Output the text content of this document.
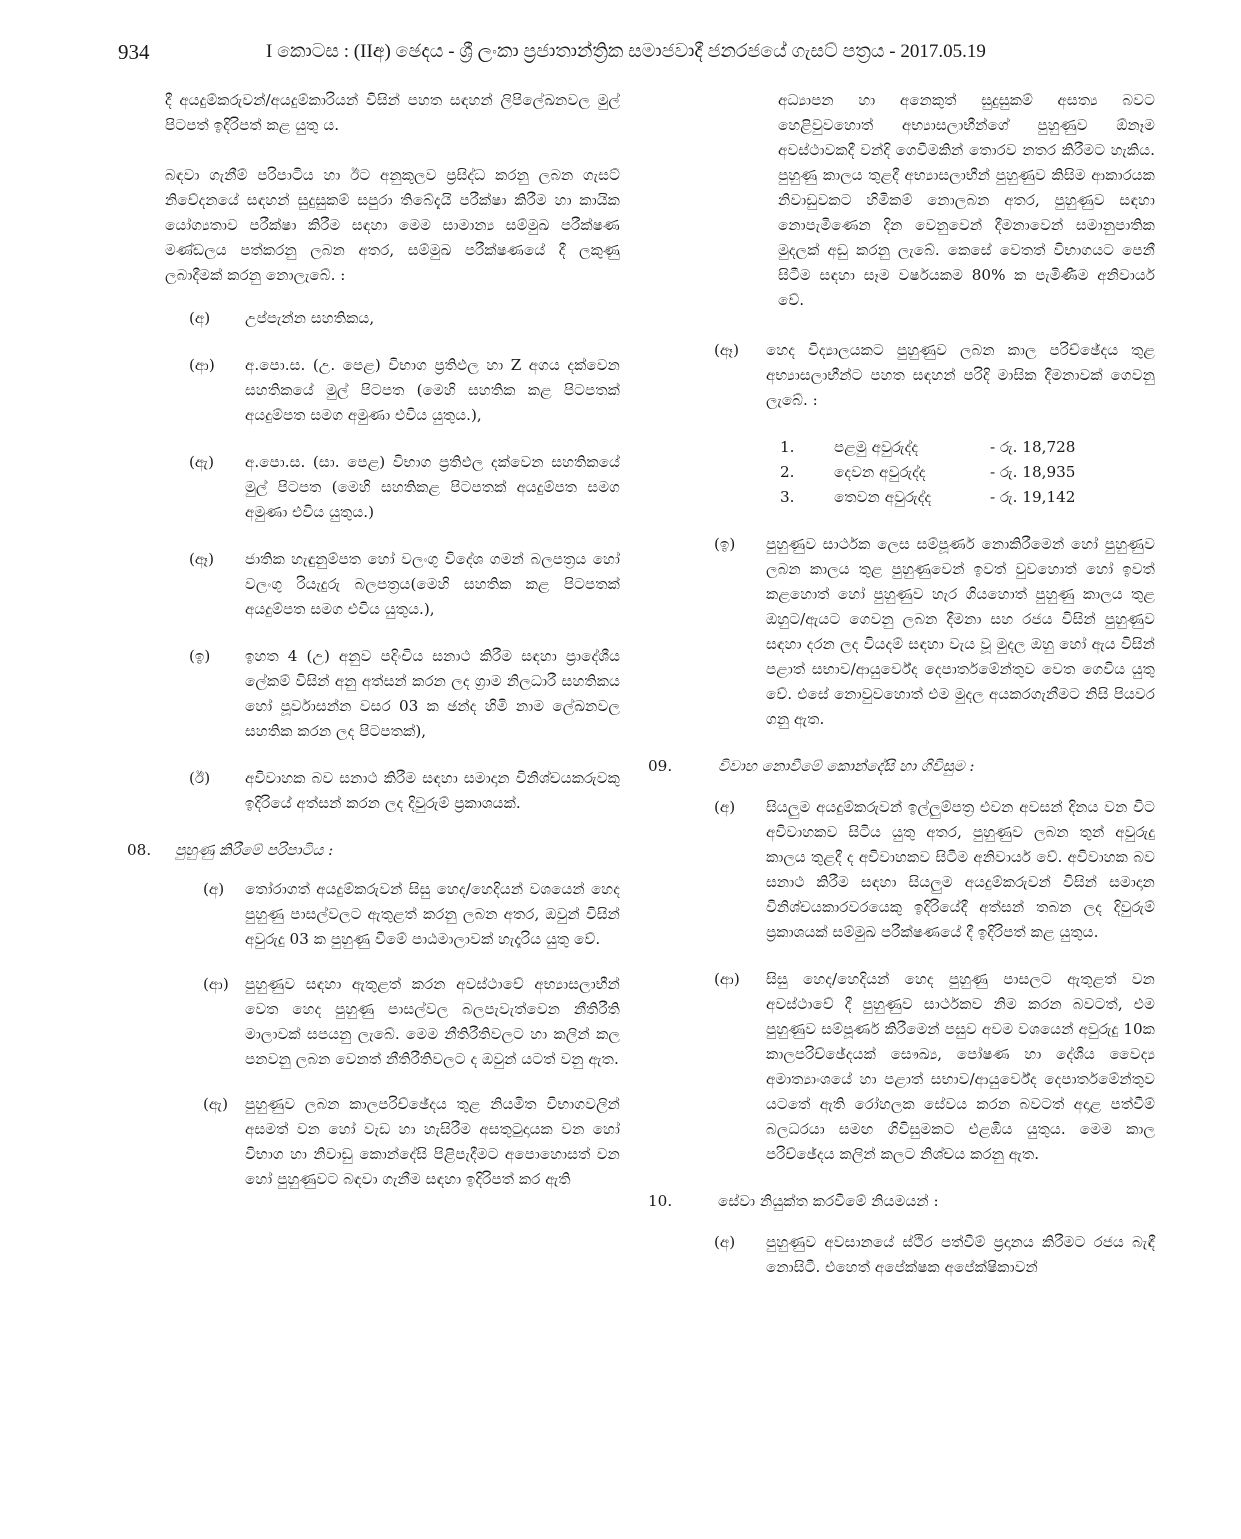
934	I කොටස : (IIඅ) ඡෙදය - ශ්‍රී ලංකා ප්‍රජාතාන්ත්‍රික සමාජවාදී ජනරජයේ ගැසට් පත්‍රය - 2017.05.19

දී අයදුම්කරුවන්/අයදුම්කාරියන් විසින් පහත සඳහන් ලිපිලේඛනවල මුල් පිටපත් ඉදිරිපත් කළ යුතු ය.

බඳවා ගැනීම් පරිපාටිය හා ඊට අනුකූලව ප්‍රසිද්ධ කරනු ලබන ගැසට් නිවේදනයේ සඳහන් සුදුසුකම් සපුරා තිබේදැයි පරීක්ෂා කිරීම හා කායික යෝග්‍යතාව පරීක්ෂා කිරීම සඳහා මෙම සාමාන්‍ය සම්මුඛ පරීක්ෂණ මණ්ඩලය පත්කරනු ලබන අතර, සම්මුඛ පරීක්ෂණයේ දී ලකුණු ලබාදීමක් කරනු නොලැබේ. :

(අ)	උප්පැන්න සහතිකය,

(ආ)	අ.පො.ස. (උ. පෙළ) විභාග ප්‍රතිඵල හා Z අගය දක්වෙන සහතිකයේ මුල් පිටපත (මෙහි සහතික කළ පිටපතක් අයදුම්පත සමග අමුණා එවිය යුතුය.),

(ඇ)	අ.පො.ස. (සා. පෙළ) විභාග ප්‍රතිඵල දක්වෙන සහතිකයේ මුල් පිටපත (මෙහි සහතිකළ පිටපතක් අයදුම්පත සමග අමුණා එවිය යුතුය.)

(ඈ)	ජාතික හැඳුනුම්පත හෝ වලංගු විදේශ ගමන් බලපත්‍රය හෝ වලංගු රියැදුරු බලපත්‍රය(මෙහි සහතික කළ පිටපතක් අයදුම්පත සමග එවිය යුතුය.),

(ඉ)	ඉහත 4 (උ) අනුව පදිංචිය සනාථ කිරීම සඳහා ප්‍රාදේශීය ලේකම් විසින් අනු අත්සන් කරන ලද ග්‍රාම නිලධාරී සහතිකය හෝ පූර්වාසන්න වසර 03 ක ඡන්ද හිමි නාම ලේඛනවල සහතික කරන ලද පිටපතක්),

(ඊ)	අවිවාහක බව සනාථ කිරීම සඳහා සමාදාන විනිශ්චයකරුවකු ඉදිරියේ අත්සන් කරන ලද දිවුරුම් ප්‍රකාශයක්.

08. පුහුණු කිරීමේ පරිපාටිය :
(අ) තෝරාගත් අයදුම්කරුවන් සිසු හෙද/හෙදියන් වශයෙන් හෙද පුහුණු පාසල්වලට ඇතුළත් කරනු ලබන අතර, ඔවුන් විසින් අවුරුදු 03 ක පුහුණු වීමේ පාඨමාලාවක් හැදෑරිය යුතු වේ.

(ආ) පුහුණුව සඳහා ඇතුළත් කරන අවස්ථාවේ අභ්‍යාසලාභීන් වෙත හෙද පුහුණු පාසල්වල බලපැවැත්වෙන නීතිරීති මාලාවක් සපයනු ලැබේ. මෙම නීතිරීතිවලට හා කලින් කල පනවනු ලබන වෙනත් නීතිරීතිවලට ද ඔවුන් යටත් වනු ඇත.

(ඇ) පුහුණුව ලබන කාලපරිච්ඡේදය තුළ නියමිත විභාගවලින් අසමත් වන හෝ වැඩ හා හැසිරීම අසතුටුදායක වන හෝ විභාග හා නිවාඩු කොන්දේසි පිළිපැදීමට අපොහොසත් වන හෝ පුහුණුවට බඳවා ගැනීම සඳහා ඉදිරිපත් කර ඇති

අධ්‍යාපන හා අනෙකුත් සුදුසුකම් අසත්‍ය බවට හෙළිවුවහොත් අභ්‍යාසලාභීන්ගේ පුහුණුව ඕනෑම අවස්ථාවකදී වන්දි ගෙවීමකින් තොරව නතර කිරීමට හැකිය. පුහුණු කාලය තුළදී අභ්‍යාසලාභීන් පුහුණුව කිසිම ආකාරයක නිවාඩුවකට හිමිකම් නොලබන අතර, පුහුණුව සඳහා නොපැමිණෙන දින වෙනුවෙන් දීමනාවෙන් සමානුපාතික මුදලක් අඩු කරනු ලැබේ. කෙසේ වෙතත් විභාගයට පෙනී සිටීම සඳහා සෑම වර්ෂයකම 80% ක පැමිණීම අනිවාර්ය වේ.

(ඈ) හෙද විද්‍යාලයකට පුහුණුව ලබන කාල පරිච්ඡේදය තුළ අභ්‍යාසලාභීන්ට පහත සඳහන් පරිදි මාසික දීමනාවක් ගෙවනු ලැබේ. :

1.	පළමු අවුරුද්ද	- රු. 18,728
2.	දෙවන අවුරුද්ද	- රු. 18,935
3.	තෙවන අවුරුද්ද	- රු. 19,142
(ඉ) පුහුණුව සාර්ථක ලෙස සම්පූර්ණ නොකිරීමෙන් හෝ පුහුණුව ලබන කාලය තුළ පුහුණුවෙන් ඉවත් වුවහොත් හෝ ඉවත් කළහොත් හෝ පුහුණුව හැර ගියහොත් පුහුණු කාලය තුළ ඔහුට/ඇයට ගෙවනු ලබන දීමනා සහ රජය විසින් පුහුණුව සඳහා දරන ලද වියදම් සඳහා වැය වූ මුදල ඔහු හෝ ඇය විසින් පළාත් සභාව/ආයුර්වේද දෙපාර්තමේන්තුව වෙත ගෙවිය යුතු වේ. එසේ නොවුවහොත් එම මුදල අයකරගැනීමට නිසි පියවර ගනු ඇත.

09.	විවාහ නොවීමේ කොන්දේසි හා ගිවිසුම :
(අ) සියලුම අයදුම්කරුවන් ඉල්ලුම්පත්‍ර එවන අවසන් දිනය වන විට අවිවාහකව සිටිය යුතු අතර, පුහුණුව ලබන තුන් අවුරුදු කාලය තුළදී ද අවිවාහකව සිටීම අනිවාර්ය වේ. අවිවාහක බව සනාථ කිරීම සඳහා සියලුම අයදුම්කරුවන් විසින් සමාදාන විනිශ්චයකාරවරයෙකු ඉදිරියේදී අත්සන් තබන ලද දිවුරුම් ප්‍රකාශයක් සම්මුඛ පරීක්ෂණයේ දී ඉදිරිපත් කළ යුතුය.

(ආ) සිසු හෙද/හෙදියන් හෙද පුහුණු පාසලට ඇතුළත් වන අවස්ථාවේ දී පුහුණුව සාර්ථකව නිම කරන බවටත්, එම පුහුණුව සම්පූර්ණ කිරීමෙන් පසුව අවම වශයෙන් අවුරුදු 10ක කාලපරිච්ඡේදයක් සෞඛ්‍ය, පෝෂණ හා දේශීය වෛද්‍ය අමාත්‍යාංශයේ හා පළාත් සභාව/ආයුර්වේද දෙපාර්තමේන්තුව යටතේ ඇති රෝහලක සේවය කරන බවටත් අදාළ පත්වීම් බලධරයා සමඟ ගිවිසුමකට එළඹිය යුතුය. මෙම කාල පරිච්ඡේදය කලින් කලට නිශ්චය කරනු ඇත.

10.	සේවා නියුක්ත කරවීමේ නියමයන් :
(අ) පුහුණුව අවසානයේ ස්ථිර පත්වීම් ප්‍රදානය කිරීමට රජය බැඳී නොසිටී. එහෙත් අපේක්ෂක අපේක්ෂිකාවන්
